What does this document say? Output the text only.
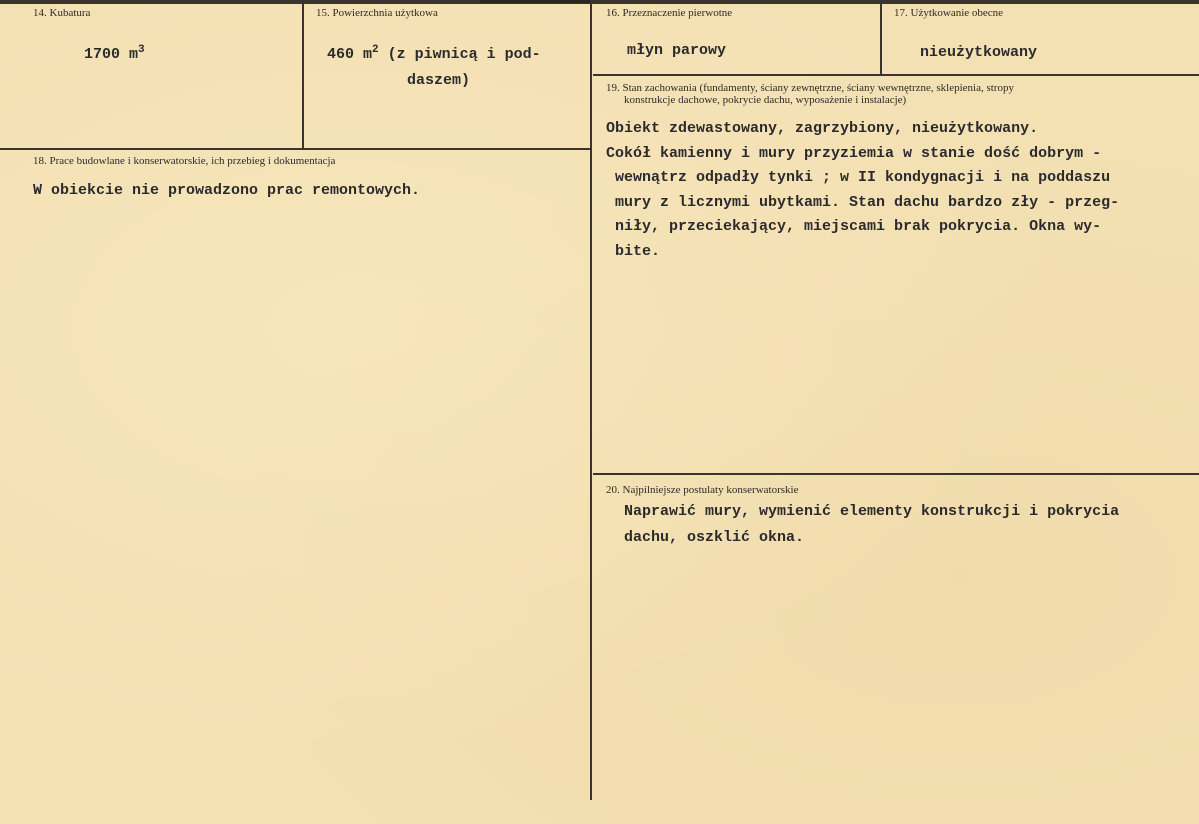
14. Kubatura
1700 $m^3$
15. Powierzchnia użytkowa
460 $m^2$ (z piwnicą i pod-
daszem)
16. Przeznaczenie pierwotne
młyn parowy
17. Użytkowanie obecne
nieużytkowany
18. Prace budowlane i konserwatorskie, ich przebieg i dokumentacja
W obiekcie nie prowadzono prac remontowych.
19. Stan zachowania (fundamenty, ściany zewnętrzne, ściany wewnętrzne, sklepienia, stropy
konstrukcje dachowe, pokrycie dachu, wyposażenie i instalacje)
Obiekt zdewastowany, zagrzybiony, nieużytkowany.
Cokół kamienny i mury przyziemia w stanie dość dobrym -
wewnątrz odpadły tynki ; w II kondygnacji i na poddaszu
mury z licznymi ubytkami. Stan dachu bardzo zły - przeg-
niły, przeciekający, miejscami brak pokrycia. Okna wy-
bite.
20. Najpilniejsze postulaty konserwatorskie
Naprawić mury, wymienić elementy konstrukcji i pokrycia
dachu, oszklić okna.
